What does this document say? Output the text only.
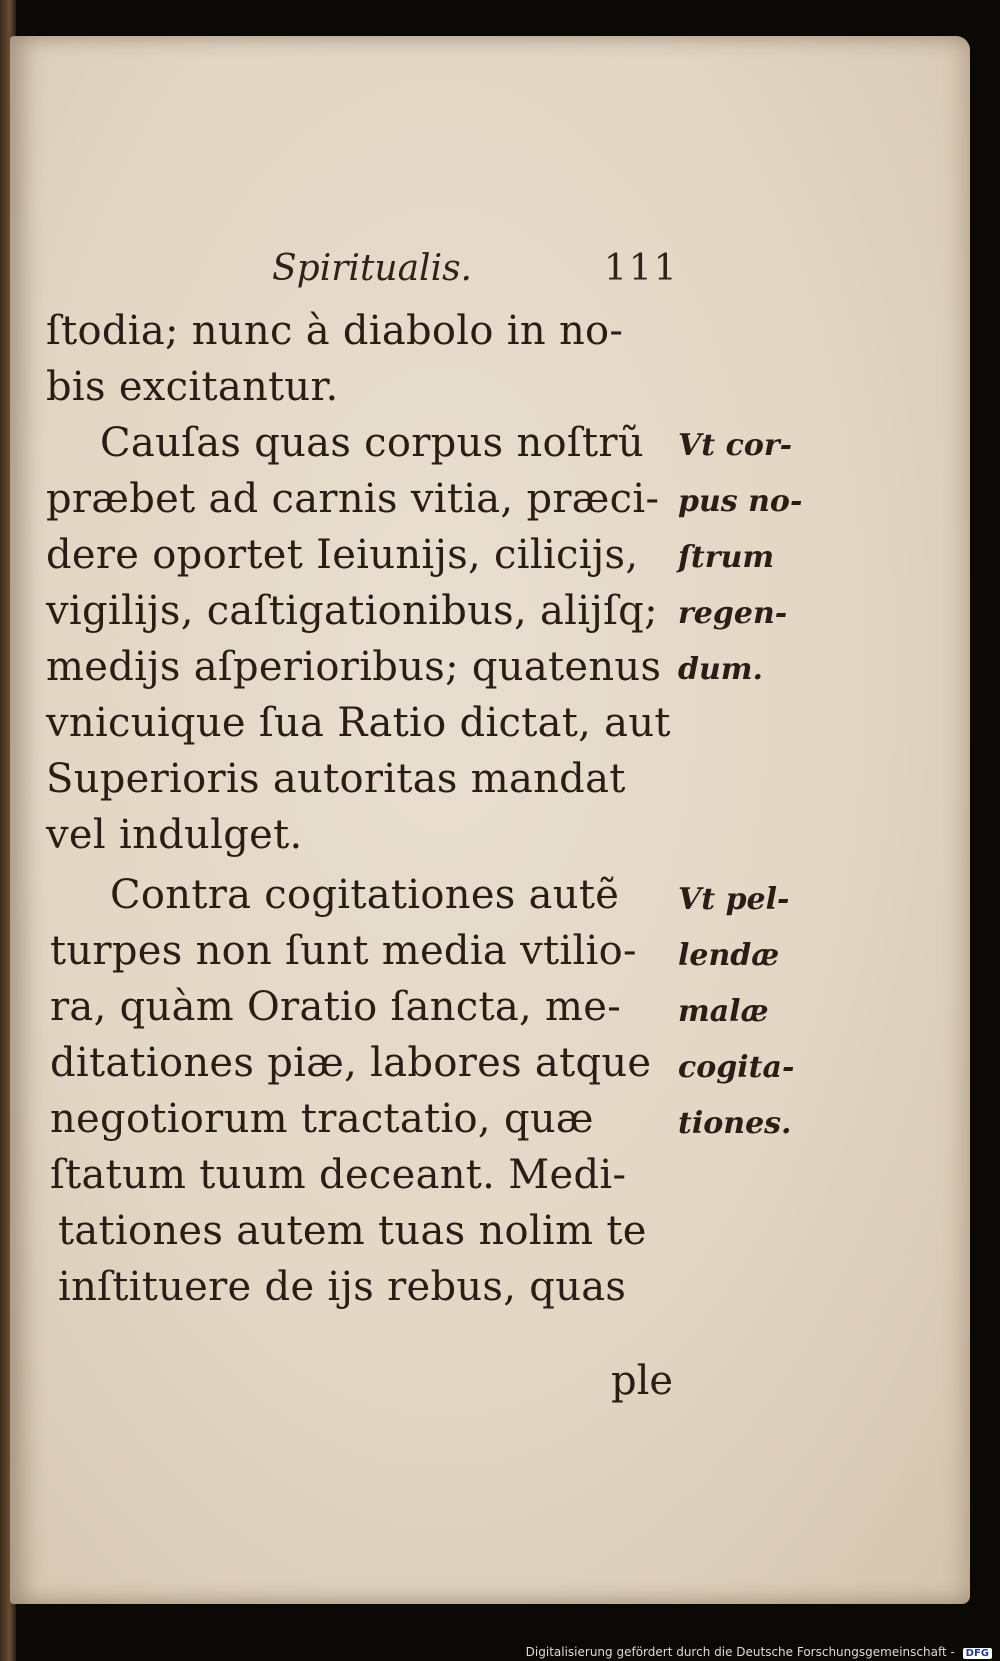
Spiritualis.	111
ſtodia; nunc à diabolo in no-
bis excitantur.
Cauſas quas corpus noſtrũ
præbet ad carnis vitia, præci-
dere oportet Ieiunijs, cilicijs,
vigilijs, caſtigationibus, alijſq;
medijs aſperioribus; quatenus
vnicuique ſua Ratio dictat, aut
Superioris autoritas mandat
vel indulget.
Contra cogitationes autẽ
turpes non ſunt media vtilio-
ra, quàm Oratio ſancta, me-
ditationes piæ, labores atque
negotiorum tractatio, quæ
ſtatum tuum deceant. Medi-
tationes autem tuas nolim te
inſtituere de ijs rebus, quas
ple
Vt cor-
pus no-
ſtrum
regen-
dum.
Vt pel-
lendæ
malæ
cogita-
tiones.
Digitalisierung gefördert durch die Deutsche Forschungsgemeinschaft - DFG
